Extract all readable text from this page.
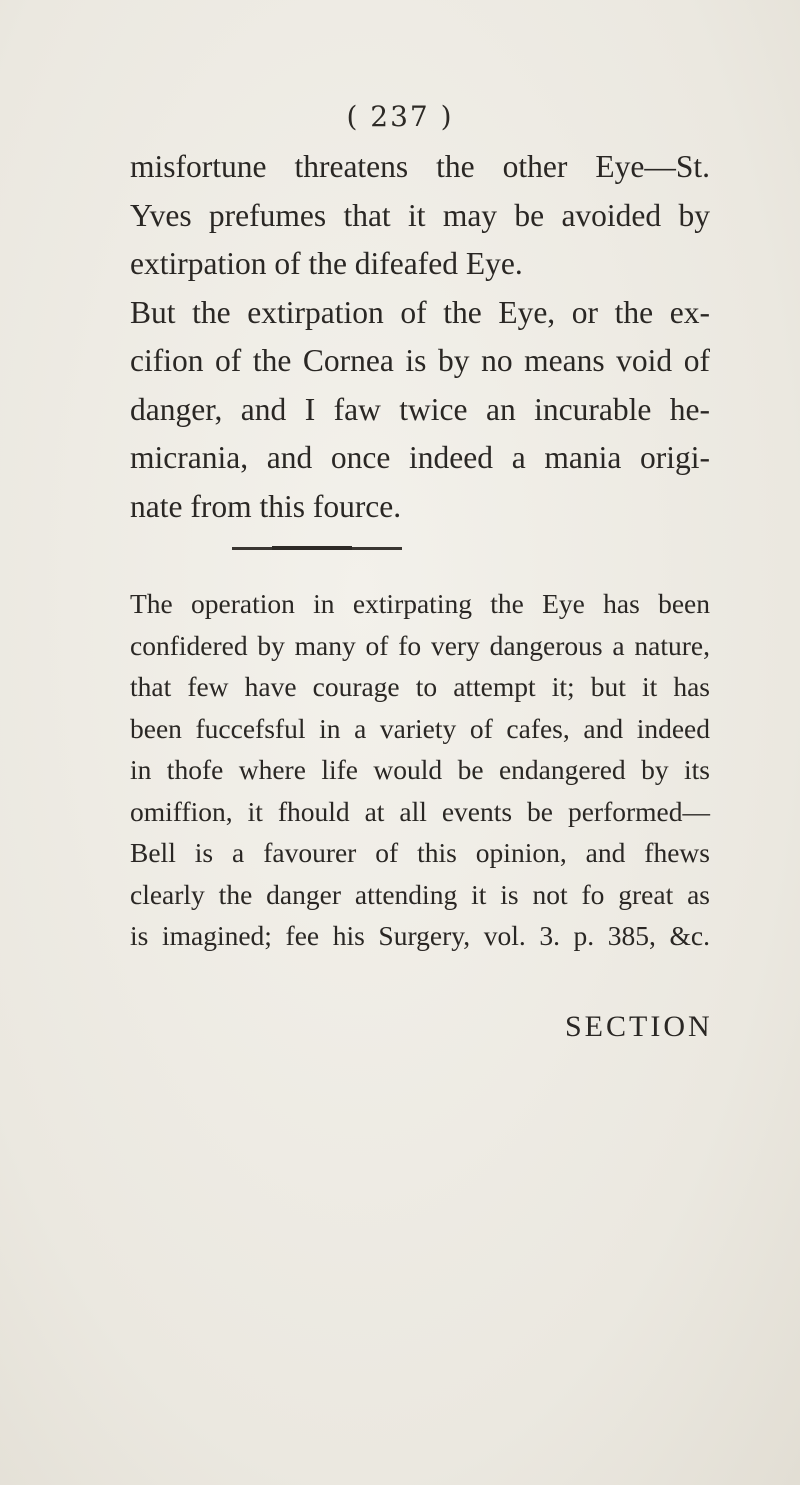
( 237 )
misfortune threatens the other Eye—St.
Yves prefumes that it may be avoided by
extirpation of the difeafed Eye.
But the extirpation of the Eye, or the ex-
cifion of the Cornea is by no means void of
danger, and I faw twice an incurable he-
micrania, and once indeed a mania origi-
nate from this fource.
The operation in extirpating the Eye has been
confidered by many of fo very dangerous a nature,
that few have courage to attempt it; but it has
been fuccefsful in a variety of cafes, and indeed
in thofe where life would be endangered by its
omiffion, it fhould at all events be performed—
Bell is a favourer of this opinion, and fhews
clearly the danger attending it is not fo great as
is imagined; fee his Surgery, vol. 3. p. 385, &c.
SECTION
